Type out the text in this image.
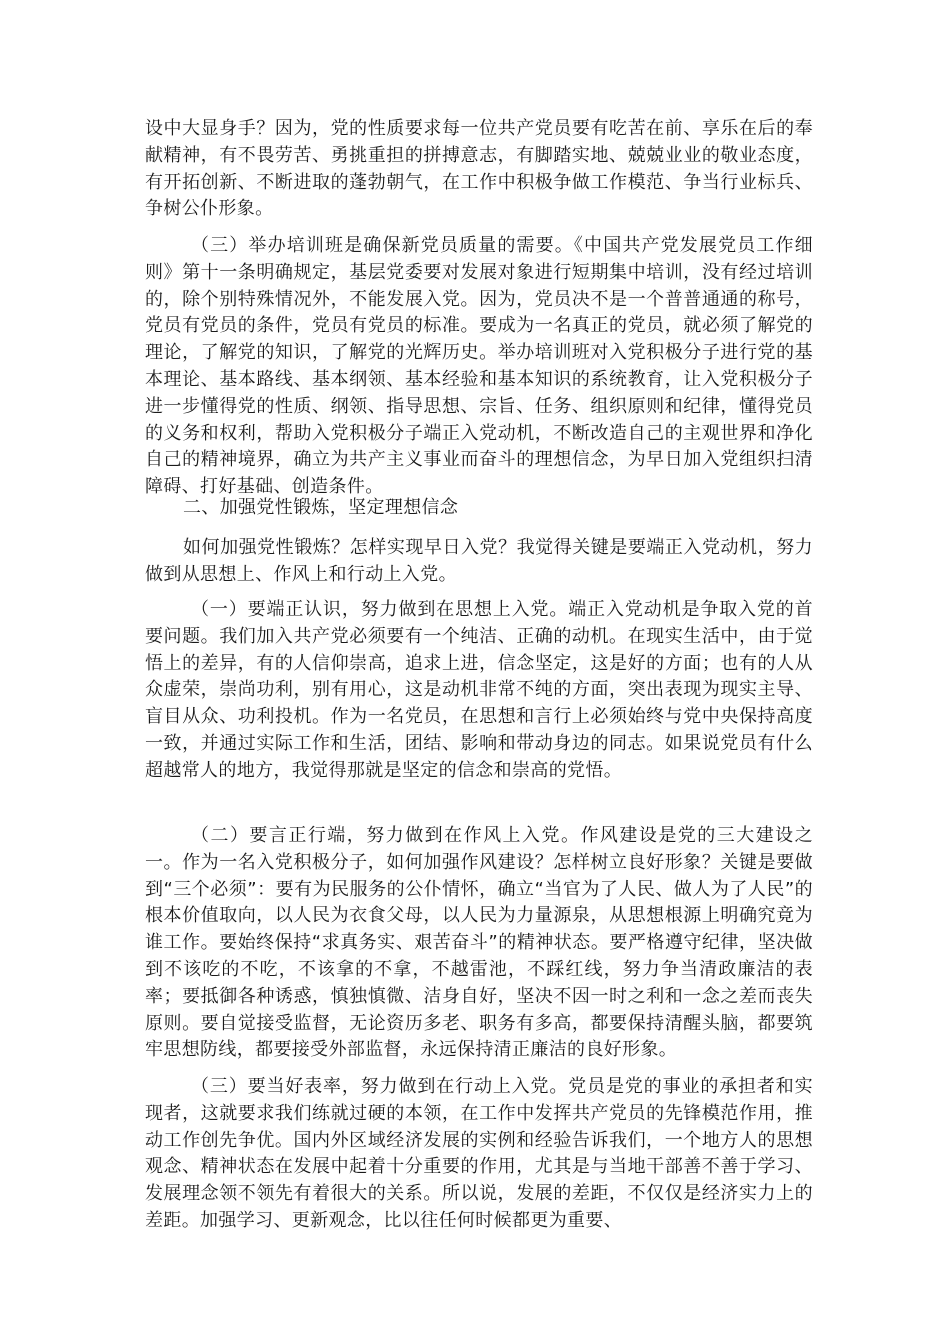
设中大显身手？因为，党的性质要求每一位共产党员要有吃苦在前、享乐在后的奉献精神，有不畏劳苦、勇挑重担的拼搏意志，有脚踏实地、兢兢业业的敬业态度，有开拓创新、不断进取的蓬勃朝气，在工作中积极争做工作模范、争当行业标兵、争树公仆形象。

（三）举办培训班是确保新党员质量的需要。《中国共产党发展党员工作细则》第十一条明确规定，基层党委要对发展对象进行短期集中培训，没有经过培训的，除个别特殊情况外，不能发展入党。因为，党员决不是一个普普通通的称号，党员有党员的条件，党员有党员的标准。要成为一名真正的党员，就必须了解党的理论，了解党的知识，了解党的光辉历史。举办培训班对入党积极分子进行党的基本理论、基本路线、基本纲领、基本经验和基本知识的系统教育，让入党积极分子进一步懂得党的性质、纲领、指导思想、宗旨、任务、组织原则和纪律，懂得党员的义务和权利，帮助入党积极分子端正入党动机，不断改造自己的主观世界和净化自己的精神境界，确立为共产主义事业而奋斗的理想信念，为早日加入党组织扫清障碍、打好基础、创造条件。

二、加强党性锻炼，坚定理想信念

如何加强党性锻炼？怎样实现早日入党？我觉得关键是要端正入党动机，努力做到从思想上、作风上和行动上入党。

（一）要端正认识，努力做到在思想上入党。端正入党动机是争取入党的首要问题。我们加入共产党必须要有一个纯洁、正确的动机。在现实生活中，由于觉悟上的差异，有的人信仰崇高，追求上进，信念坚定，这是好的方面；也有的人从众虚荣，崇尚功利，别有用心，这是动机非常不纯的方面，突出表现为现实主导、盲目从众、功利投机。作为一名党员，在思想和言行上必须始终与党中央保持高度一致，并通过实际工作和生活，团结、影响和带动身边的同志。如果说党员有什么超越常人的地方，我觉得那就是坚定的信念和崇高的党悟。

（二）要言正行端，努力做到在作风上入党。作风建设是党的三大建设之一。作为一名入党积极分子，如何加强作风建设？怎样树立良好形象？关键是要做到“三个必须”：要有为民服务的公仆情怀，确立“当官为了人民、做人为了人民”的根本价值取向，以人民为衣食父母，以人民为力量源泉，从思想根源上明确究竟为谁工作。要始终保持“求真务实、艰苦奋斗”的精神状态。要严格遵守纪律，坚决做到不该吃的不吃，不该拿的不拿，不越雷池，不踩红线，努力争当清政廉洁的表率；要抵御各种诱惑，慎独慎微、洁身自好，坚决不因一时之利和一念之差而丧失原则。要自觉接受监督，无论资历多老、职务有多高，都要保持清醒头脑，都要筑牢思想防线，都要接受外部监督，永远保持清正廉洁的良好形象。

（三）要当好表率，努力做到在行动上入党。党员是党的事业的承担者和实现者，这就要求我们练就过硬的本领，在工作中发挥共产党员的先锋模范作用，推动工作创先争优。国内外区域经济发展的实例和经验告诉我们，一个地方人的思想观念、精神状态在发展中起着十分重要的作用，尤其是与当地干部善不善于学习、发展理念领不领先有着很大的关系。所以说，发展的差距，不仅仅是经济实力上的差距。加强学习、更新观念，比以往任何时候都更为重要、
